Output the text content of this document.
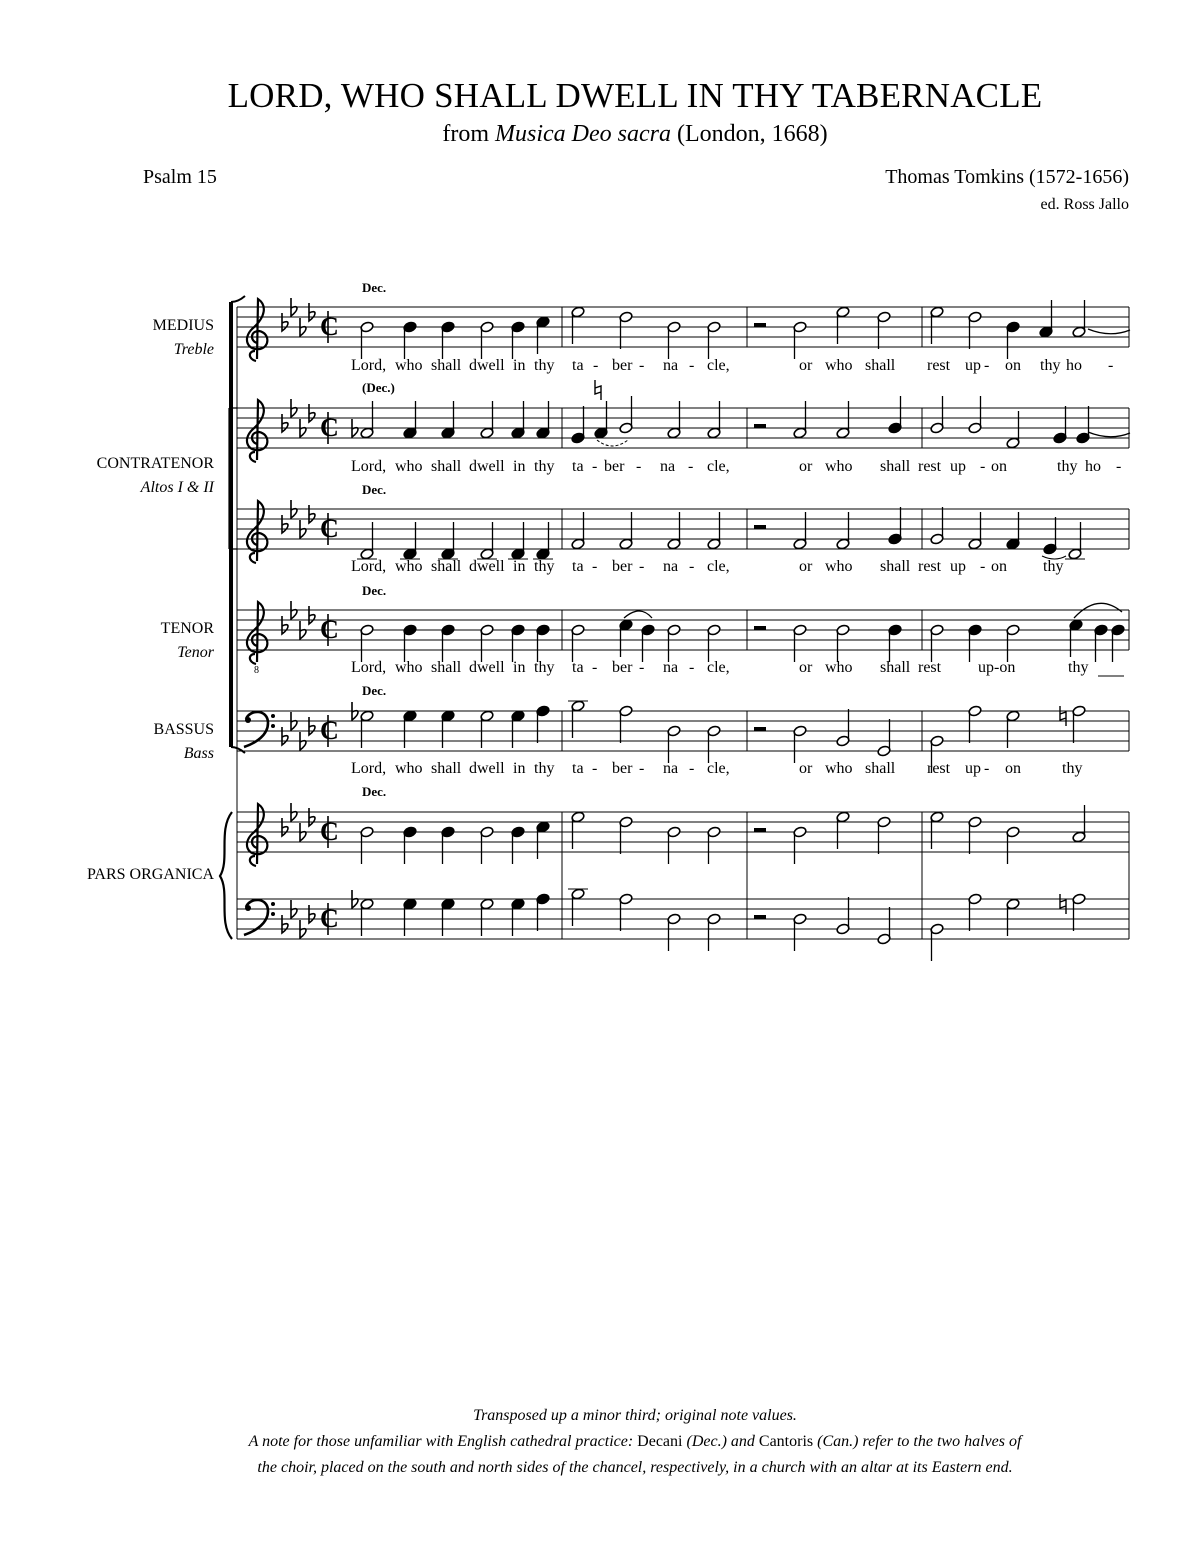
LORD, WHO SHALL DWELL IN THY TABERNACLE
from Musica Deo sacra (London, 1668)
Psalm 15	Thomas Tomkins (1572-1656)
ed. Ross Jallo
MEDIUS
Treble
CONTRATENOR
Altos I & II
TENOR
Tenor
BASSUS
Bass
PARS ORGANICA
8
C
C
C
C
C
C
C
Dec.
(Dec.)
Dec.
Dec.
Dec.
Dec.
Lord, who shall dwell in thy ta - ber - na - cle,	or who shall rest up - on thy ho -
Lord, who shall dwell in thy ta - ber - na - cle,	or who shall rest up - on	thy ho -
Lord, who shall dwell in thy ta - ber - na - cle,	or who shall rest up - on thy
Lord, who shall dwell in thy ta - ber - na - cle,	or who shall rest up-on	thy
Lord, who shall dwell in thy ta - ber - na - cle,	or who shall rest up - on	thy
Transposed up a minor third; original note values.
A note for those unfamiliar with English cathedral practice: Decani (Dec.) and Cantoris (Can.) refer to the two halves of
the choir, placed on the south and north sides of the chancel, respectively, in a church with an altar at its Eastern end.
